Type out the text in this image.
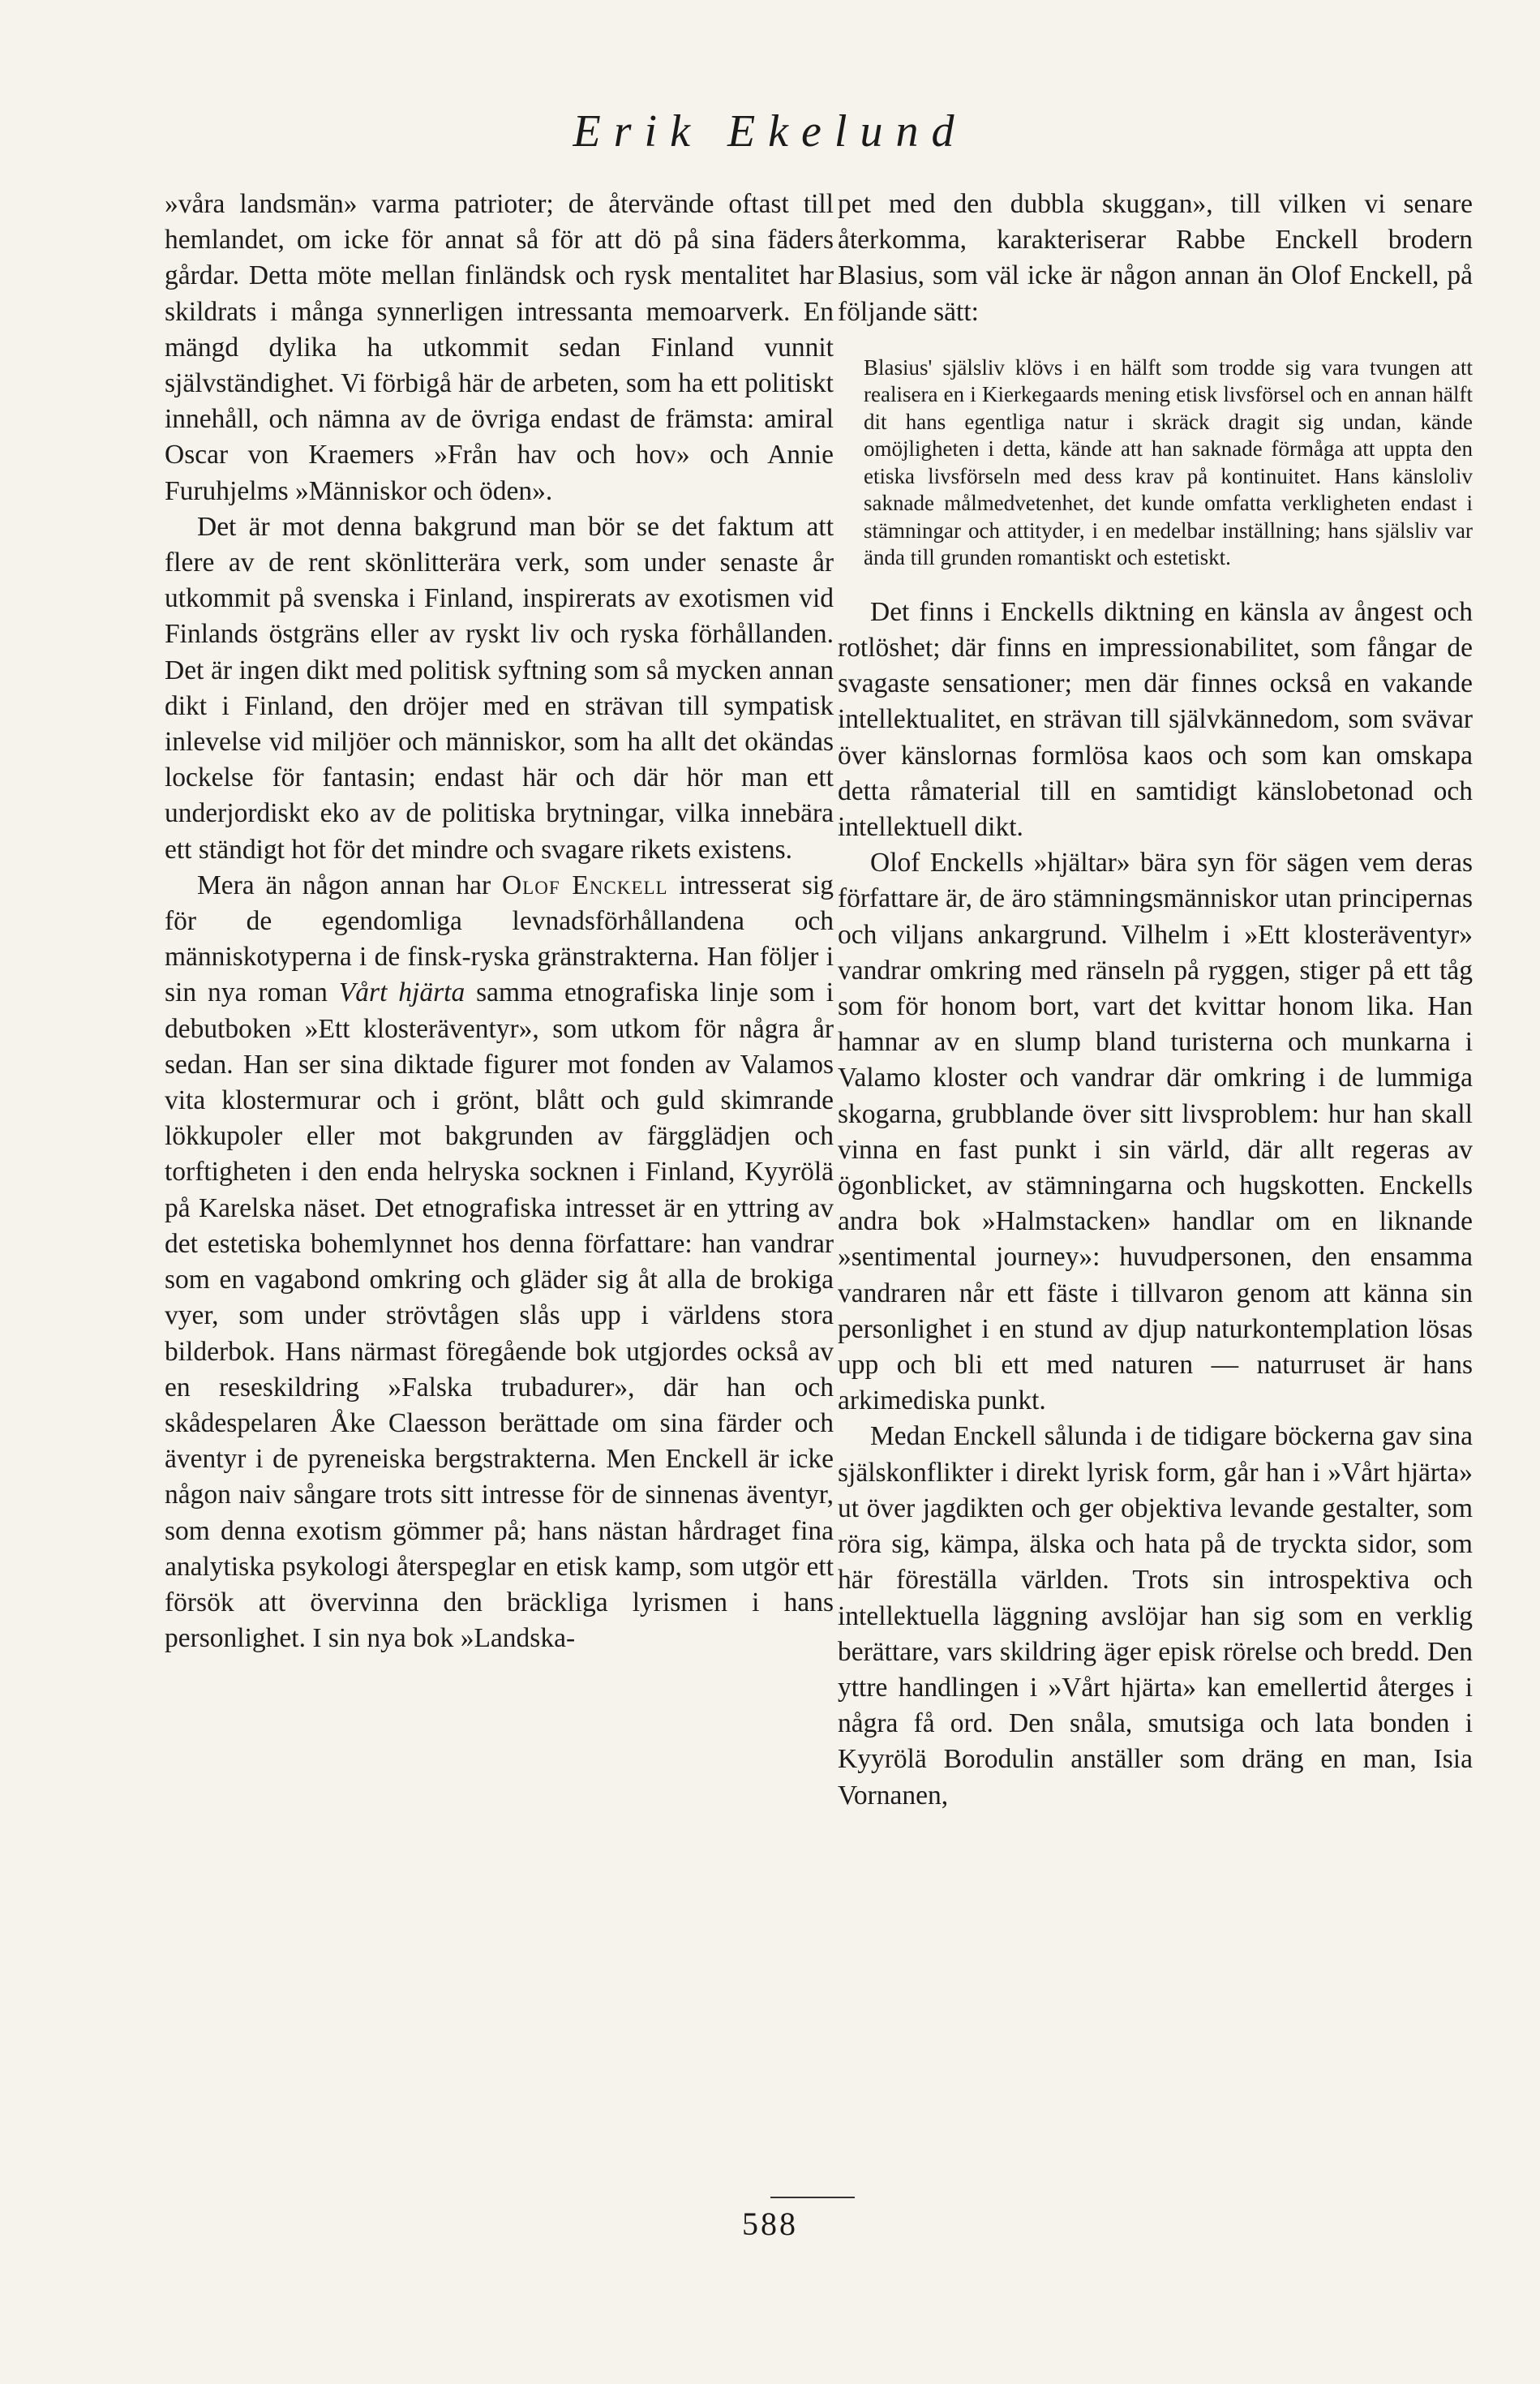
Erik Ekelund

»våra landsmän» varma patrioter; de återvände oftast till hemlandet, om icke för annat så för att dö på sina fäders gårdar. Detta möte mellan finländsk och rysk mentalitet har skildrats i många synnerligen intressanta memoarverk. En mängd dylika ha utkommit sedan Finland vunnit självständighet. Vi förbigå här de arbeten, som ha ett politiskt innehåll, och nämna av de övriga endast de främsta: amiral Oscar von Kraemers »Från hav och hov» och Annie Furuhjelms »Människor och öden».

Det är mot denna bakgrund man bör se det faktum att flere av de rent skönlitterära verk, som under senaste år utkommit på svenska i Finland, inspirerats av exotismen vid Finlands östgräns eller av ryskt liv och ryska förhållanden. Det är ingen dikt med politisk syftning som så mycken annan dikt i Finland, den dröjer med en strävan till sympatisk inlevelse vid miljöer och människor, som ha allt det okändas lockelse för fantasin; endast här och där hör man ett underjordiskt eko av de politiska brytningar, vilka innebära ett ständigt hot för det mindre och svagare rikets existens.

Mera än någon annan har Olof Enckell intresserat sig för de egendomliga levnadsförhållandena och människotyperna i de finsk-ryska gränstrakterna. Han följer i sin nya roman Vårt hjärta samma etnografiska linje som i debutboken »Ett klosteräventyr», som utkom för några år sedan. Han ser sina diktade figurer mot fonden av Valamos vita klostermurar och i grönt, blått och guld skimrande lökkupoler eller mot bakgrunden av färgglädjen och torftigheten i den enda helryska socknen i Finland, Kyyrölä på Karelska näset. Det etnografiska intresset är en yttring av det estetiska bohemlynnet hos denna författare: han vandrar som en vagabond omkring och gläder sig åt alla de brokiga vyer, som under strövtågen slås upp i världens stora bilderbok. Hans närmast föregående bok utgjordes också av en reseskildring »Falska trubadurer», där han och skådespelaren Åke Claesson berättade om sina färder och äventyr i de pyreneiska bergstrakterna. Men Enckell är icke någon naiv sångare trots sitt intresse för de sinnenas äventyr, som denna exotism gömmer på; hans nästan hårdraget fina analytiska psykologi återspeglar en etisk kamp, som utgör ett försök att övervinna den bräckliga lyrismen i hans personlighet. I sin nya bok »Landska-

pet med den dubbla skuggan», till vilken vi senare återkomma, karakteriserar Rabbe Enckell brodern Blasius, som väl icke är någon annan än Olof Enckell, på följande sätt:

Blasius' själsliv klövs i en hälft som trodde sig vara tvungen att realisera en i Kierkegaards mening etisk livsförsel och en annan hälft dit hans egentliga natur i skräck dragit sig undan, kände omöjligheten i detta, kände att han saknade förmåga att uppta den etiska livsförseln med dess krav på kontinuitet. Hans känsloliv saknade målmedvetenhet, det kunde omfatta verkligheten endast i stämningar och attityder, i en medelbar inställning; hans själsliv var ända till grunden romantiskt och estetiskt.

Det finns i Enckells diktning en känsla av ångest och rotlöshet; där finns en impressionabilitet, som fångar de svagaste sensationer; men där finnes också en vakande intellektualitet, en strävan till självkännedom, som svävar över känslornas formlösa kaos och som kan omskapa detta råmaterial till en samtidigt känslobetonad och intellektuell dikt.

Olof Enckells »hjältar» bära syn för sägen vem deras författare är, de äro stämningsmänniskor utan principernas och viljans ankargrund. Vilhelm i »Ett klosteräventyr» vandrar omkring med ränseln på ryggen, stiger på ett tåg som för honom bort, vart det kvittar honom lika. Han hamnar av en slump bland turisterna och munkarna i Valamo kloster och vandrar där omkring i de lummiga skogarna, grubblande över sitt livsproblem: hur han skall vinna en fast punkt i sin värld, där allt regeras av ögonblicket, av stämningarna och hugskotten. Enckells andra bok »Halmstacken» handlar om en liknande »sentimental journey»: huvudpersonen, den ensamma vandraren når ett fäste i tillvaron genom att känna sin personlighet i en stund av djup naturkontemplation lösas upp och bli ett med naturen — naturruset är hans arkimediska punkt.

Medan Enckell sålunda i de tidigare böckerna gav sina själskonflikter i direkt lyrisk form, går han i »Vårt hjärta» ut över jagdikten och ger objektiva levande gestalter, som röra sig, kämpa, älska och hata på de tryckta sidor, som här föreställa världen. Trots sin introspektiva och intellektuella läggning avslöjar han sig som en verklig berättare, vars skildring äger episk rörelse och bredd. Den yttre handlingen i »Vårt hjärta» kan emellertid återges i några få ord. Den snåla, smutsiga och lata bonden i Kyyrölä Borodulin anställer som dräng en man, Isia Vornanen,

588
